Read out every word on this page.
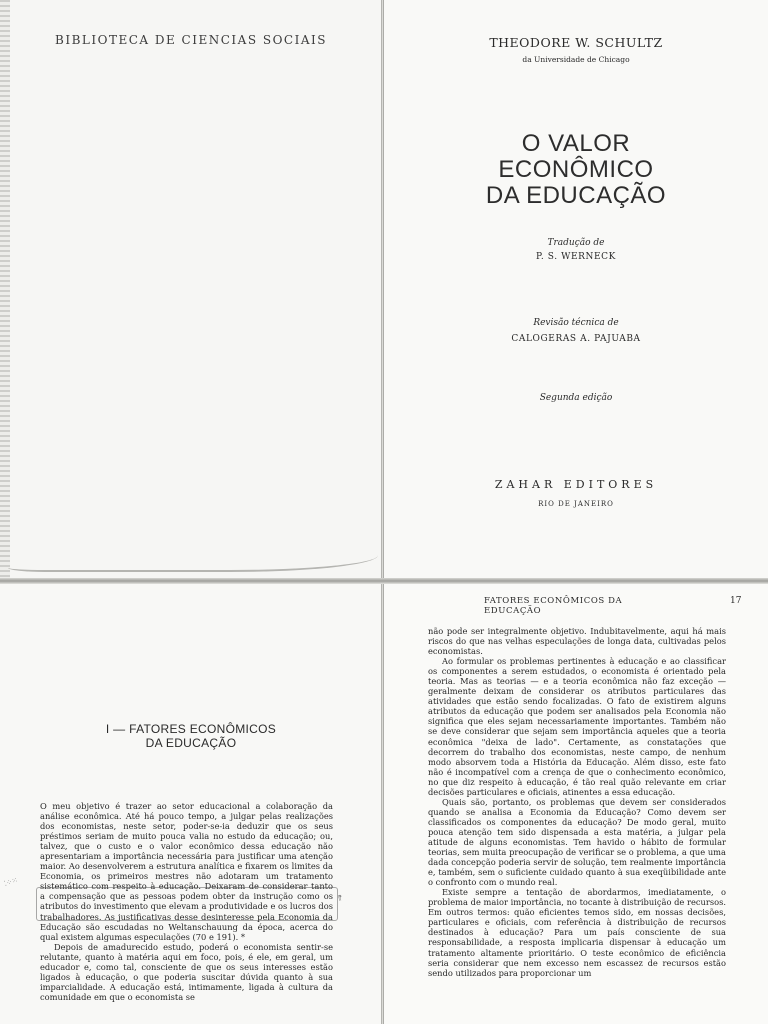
BIBLIOTECA DE CIENCIAS SOCIAIS	THEODORE W. SCHULTZ
da Universidade de Chicago
O VALOR
ECONÔMICO
DA EDUCAÇÃO
Tradução de
P. S. WERNECK
Revisão técnica de
CALOGERAS A. PAJUABA
Segunda edição
ZAHAR EDITORES
RIO DE JANEIRO
I — FATORES ECONÔMICOS
DA EDUCAÇÃO

O meu objetivo é trazer ao setor educacional a colaboração da análise econômica. Até há pouco tempo, a julgar pelas realizações dos economistas, neste setor, poder-se-ia deduzir que os seus préstimos seriam de muito pouca valia no estudo da educação; ou, talvez, que o custo e o valor econômico dessa educação não apresentariam a importância necessária para justificar uma atenção maior. Ao desenvolverem a estrutura analítica e fixarem os limites da Economia, os primeiros mestres não adotaram um tratamento sistemático com respeito à educação. Deixaram de considerar tanto a compensação que as pessoas podem obter da instrução como os atributos do investimento que elevam a produtividade e os lucros dos trabalhadores. As justificativas desse desinteresse pela Economia da Educação são escudadas no Weltanschauung da época, acerca do qual existem algumas especulações (70 e 191). *

Depois de amadurecido estudo, poderá o economista sentir-se relutante, quanto à matéria aqui em foco, pois, é ele, em geral, um educador e, como tal, consciente de que os seus interesses estão ligados à educação, o que poderia suscitar dúvida quanto à sua imparcialidade. A educação está, intimamente, ligada à cultura da comunidade em que o economista se

⁚⁘⁙
⁋
FATORES ECONÔMICOS DA EDUCAÇÃO
17

não pode ser integralmente objetivo. Indubitavelmente, aqui há mais riscos do que nas velhas especulações de longa data, cultivadas pelos economistas.

Ao formular os problemas pertinentes à educação e ao classificar os componentes a serem estudados, o economista é orientado pela teoria. Mas as teorias — e a teoria econômica não faz exceção — geralmente deixam de considerar os atributos particulares das atividades que estão sendo focalizadas. O fato de existirem alguns atributos da educação que podem ser analisados pela Economia não significa que eles sejam necessariamente importantes. Também não se deve considerar que sejam sem importância aqueles que a teoria econômica "deixa de lado". Certamente, as constatações que decorrem do trabalho dos economistas, neste campo, de nenhum modo absorvem toda a História da Educação. Além disso, este fato não é incompatível com a crença de que o conhecimento econômico, no que diz respeito à educação, é tão real quão relevante em criar decisões particulares e oficiais, atinentes a essa educação.

Quais são, portanto, os problemas que devem ser considerados quando se analisa a Economia da Educação? Como devem ser classificados os componentes da educação? De modo geral, muito pouca atenção tem sido dispensada a esta matéria, a julgar pela atitude de alguns economistas. Tem havido o hábito de formular teorias, sem muita preocupação de verificar se o problema, a que uma dada concepção poderia servir de solução, tem realmente importância e, também, sem o suficiente cuidado quanto à sua exeqüibilidade ante o confronto com o mundo real.

Existe sempre a tentação de abordarmos, imediatamente, o problema de maior importância, no tocante à distribuição de recursos. Em outros termos: quão eficientes temos sido, em nossas decisões, particulares e oficiais, com referência à distribuição de recursos destinados à educação? Para um país consciente de sua responsabilidade, a resposta implicaria dispensar à educação um tratamento altamente prioritário. O teste econômico de eficiência seria considerar que nem excesso nem escassez de recursos estão sendo utilizados para proporcionar um
